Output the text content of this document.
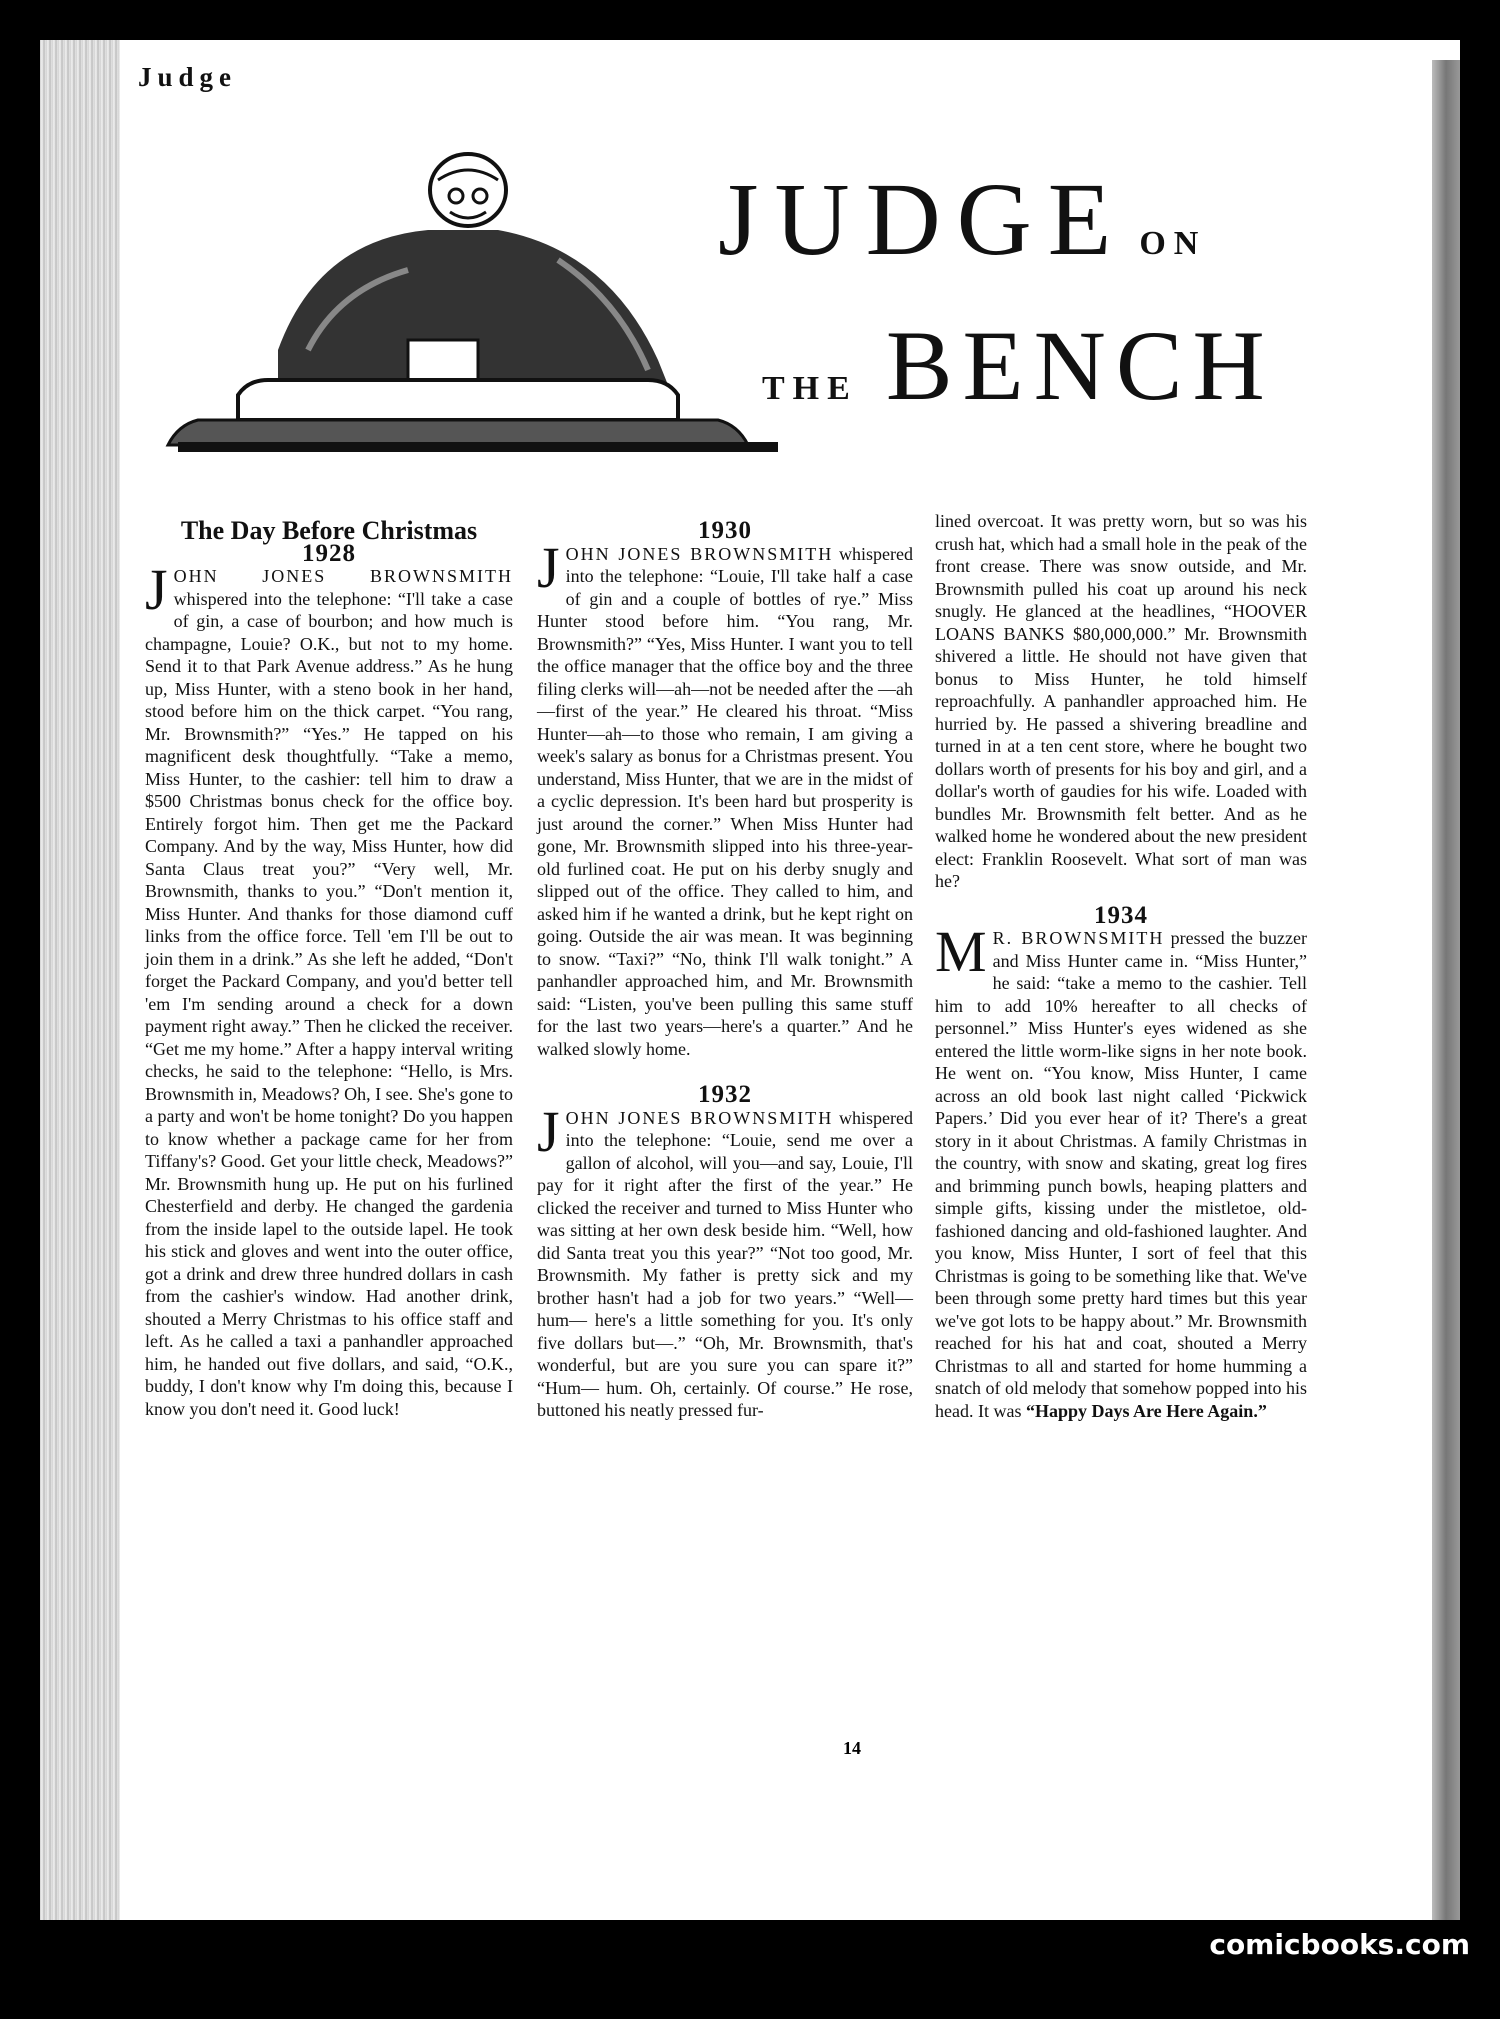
Judge
JUDGE ON
THE BENCH

The Day Before Christmas

1928

JOHN JONES BROWNSMITH whispered into the telephone: “I'll take a case of gin, a case of bourbon; and how much is champagne, Louie? O.K., but not to my home. Send it to that Park Avenue address.” As he hung up, Miss Hunter, with a steno book in her hand, stood before him on the thick carpet. “You rang, Mr. Brownsmith?” “Yes.” He tapped on his magnificent desk thoughtfully. “Take a memo, Miss Hunter, to the cashier: tell him to draw a $500 Christmas bonus check for the office boy. Entirely forgot him. Then get me the Packard Company. And by the way, Miss Hunter, how did Santa Claus treat you?” “Very well, Mr. Brownsmith, thanks to you.” “Don't mention it, Miss Hunter. And thanks for those diamond cuff links from the office force. Tell 'em I'll be out to join them in a drink.” As she left he added, “Don't forget the Packard Company, and you'd better tell 'em I'm sending around a check for a down payment right away.” Then he clicked the receiver. “Get me my home.” After a happy interval writing checks, he said to the telephone: “Hello, is Mrs. Brownsmith in, Meadows? Oh, I see. She's gone to a party and won't be home tonight? Do you happen to know whether a package came for her from Tiffany's? Good. Get your little check, Meadows?” Mr. Brownsmith hung up. He put on his furlined Chesterfield and derby. He changed the gardenia from the inside lapel to the outside lapel. He took his stick and gloves and went into the outer office, got a drink and drew three hundred dollars in cash from the cashier's window. Had another drink, shouted a Merry Christmas to his office staff and left. As he called a taxi a panhandler approached him, he handed out five dollars, and said, “O.K., buddy, I don't know why I'm doing this, because I know you don't need it. Good luck!

1930

JOHN JONES BROWNSMITH whispered into the telephone: “Louie, I'll take half a case of gin and a couple of bottles of rye.” Miss Hunter stood before him. “You rang, Mr. Brownsmith?” “Yes, Miss Hunter. I want you to tell the office manager that the office boy and the three filing clerks will—ah—not be needed after the —ah—first of the year.” He cleared his throat. “Miss Hunter—ah—to those who remain, I am giving a week's salary as bonus for a Christmas present. You understand, Miss Hunter, that we are in the midst of a cyclic depression. It's been hard but prosperity is just around the corner.” When Miss Hunter had gone, Mr. Brownsmith slipped into his three-year-old furlined coat. He put on his derby snugly and slipped out of the office. They called to him, and asked him if he wanted a drink, but he kept right on going. Outside the air was mean. It was beginning to snow. “Taxi?” “No, think I'll walk tonight.” A panhandler approached him, and Mr. Brownsmith said: “Listen, you've been pulling this same stuff for the last two years—here's a quarter.” And he walked slowly home.

1932

JOHN JONES BROWNSMITH whispered into the telephone: “Louie, send me over a gallon of alcohol, will you—and say, Louie, I'll pay for it right after the first of the year.” He clicked the receiver and turned to Miss Hunter who was sitting at her own desk beside him. “Well, how did Santa treat you this year?” “Not too good, Mr. Brownsmith. My father is pretty sick and my brother hasn't had a job for two years.” “Well—hum— here's a little something for you. It's only five dollars but—.” “Oh, Mr. Brownsmith, that's wonderful, but are you sure you can spare it?” “Hum— hum. Oh, certainly. Of course.” He rose, buttoned his neatly pressed fur-

lined overcoat. It was pretty worn, but so was his crush hat, which had a small hole in the peak of the front crease. There was snow outside, and Mr. Brownsmith pulled his coat up around his neck snugly. He glanced at the headlines, “HOOVER LOANS BANKS $80,000,000.” Mr. Brownsmith shivered a little. He should not have given that bonus to Miss Hunter, he told himself reproachfully. A panhandler approached him. He hurried by. He passed a shivering breadline and turned in at a ten cent store, where he bought two dollars worth of presents for his boy and girl, and a dollar's worth of gaudies for his wife. Loaded with bundles Mr. Brownsmith felt better. And as he walked home he wondered about the new president elect: Franklin Roosevelt. What sort of man was he?

1934

M R. BROWNSMITH pressed the buzzer and Miss Hunter came in. “Miss Hunter,” he said: “take a memo to the cashier. Tell him to add 10% hereafter to all checks of personnel.” Miss Hunter's eyes widened as she entered the little worm-like signs in her note book. He went on. “You know, Miss Hunter, I came across an old book last night called ‘Pickwick Papers.’ Did you ever hear of it? There's a great story in it about Christmas. A family Christmas in the country, with snow and skating, great log fires and brimming punch bowls, heaping platters and simple gifts, kissing under the mistletoe, old-fashioned dancing and old-fashioned laughter. And you know, Miss Hunter, I sort of feel that this Christmas is going to be something like that. We've been through some pretty hard times but this year we've got lots to be happy about.” Mr. Brownsmith reached for his hat and coat, shouted a Merry Christmas to all and started for home humming a snatch of old melody that somehow popped into his head. It was “Happy Days Are Here Again.”

14
comicbooks.com
